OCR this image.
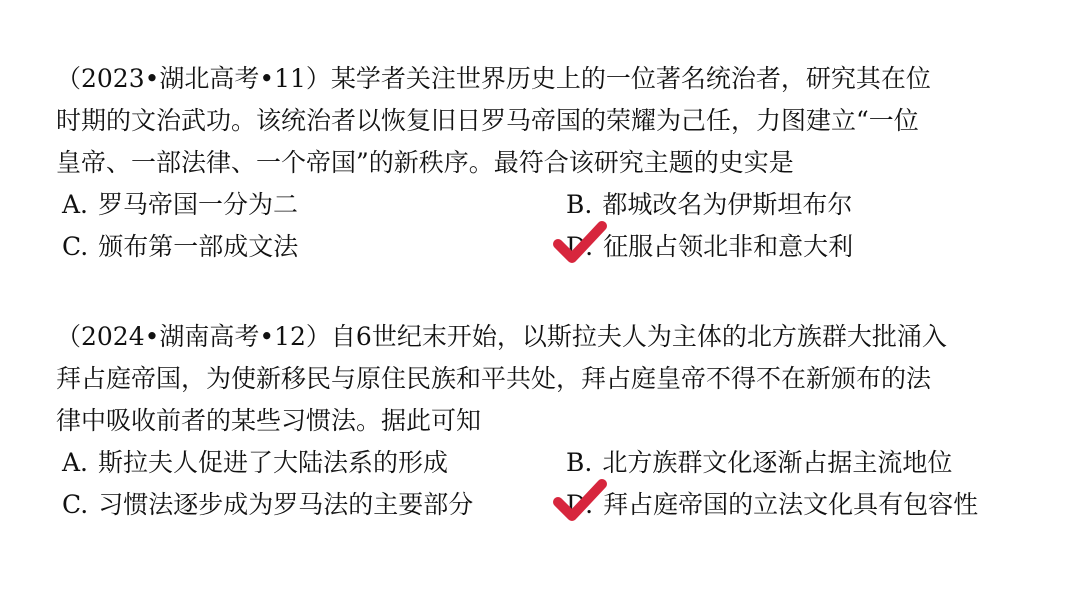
（2023•湖北高考•11）某学者关注世界历史上的一位著名统治者，研究其在位
时期的文治武功。该统治者以恢复旧日罗马帝国的荣耀为己任，力图建立“一位
皇帝、一部法律、一个帝国”的新秩序。最符合该研究主题的史实是
A. 罗马帝国一分为二	B. 都城改名为伊斯坦布尔
C. 颁布第一部成文法	D. 征服占领北非和意大利
（2024•湖南高考•12）自6世纪末开始，以斯拉夫人为主体的北方族群大批涌入
拜占庭帝国，为使新移民与原住民族和平共处，拜占庭皇帝不得不在新颁布的法
律中吸收前者的某些习惯法。据此可知
A. 斯拉夫人促进了大陆法系的形成	B. 北方族群文化逐渐占据主流地位
C. 习惯法逐步成为罗马法的主要部分	D. 拜占庭帝国的立法文化具有包容性
